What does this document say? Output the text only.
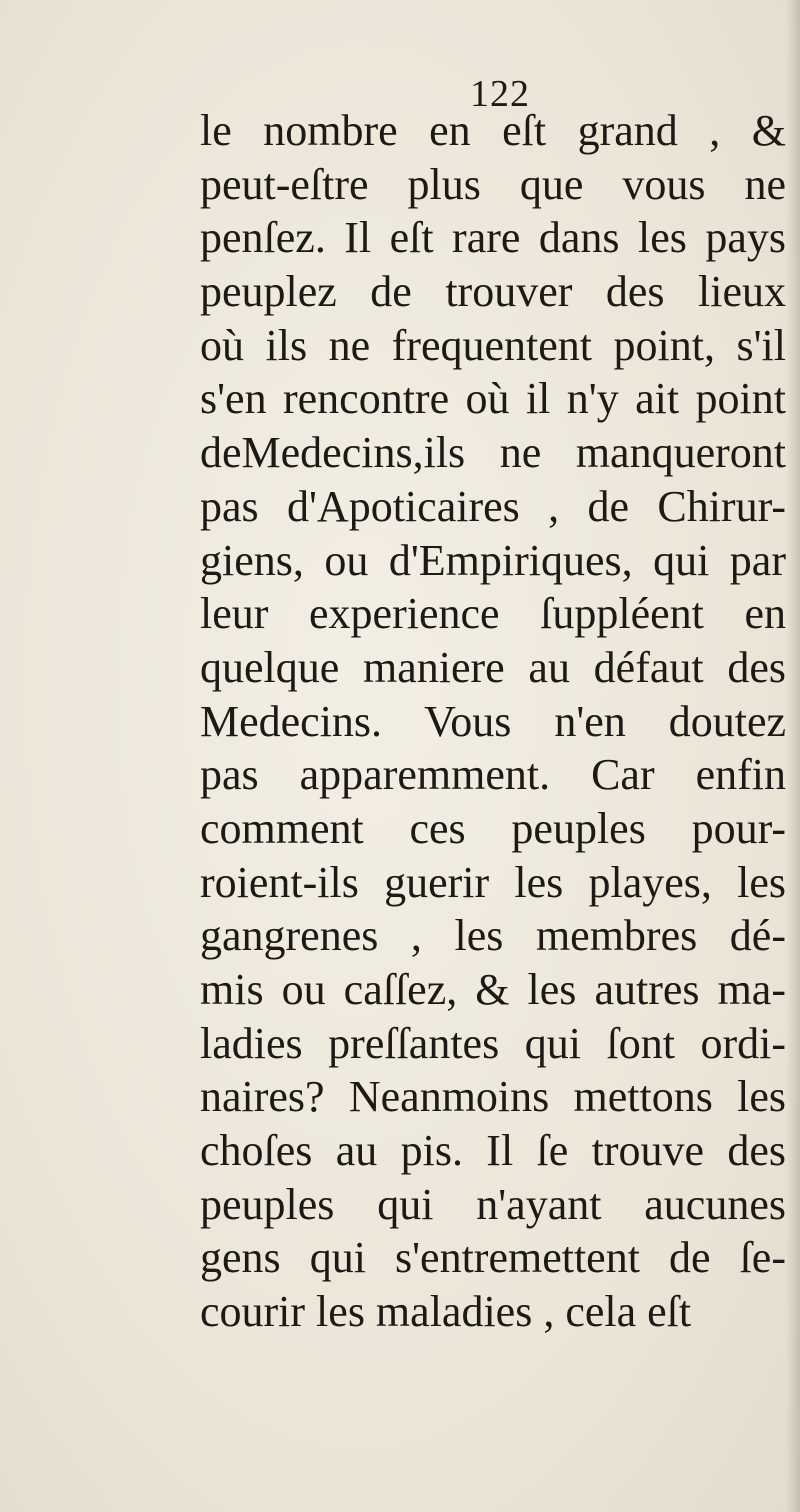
122
le nombre en eſt grand , &
peut-eſtre plus que vous ne
penſez. Il eſt rare dans les pays
peuplez de trouver des lieux
où ils ne frequentent point, s'il
s'en rencontre où il n'y ait point
deMedecins,ils ne manqueront
pas d'Apoticaires , de Chirur-
giens, ou d'Empiriques, qui par
leur experience ſuppléent en
quelque maniere au défaut des
Medecins. Vous n'en doutez
pas apparemment. Car enfin
comment ces peuples pour-
roient-ils guerir les playes, les
gangrenes , les membres dé-
mis ou caſſez, & les autres ma-
ladies preſſantes qui ſont ordi-
naires? Neanmoins mettons les
choſes au pis. Il ſe trouve des
peuples qui n'ayant aucunes
gens qui s'entremettent de ſe-
courir les maladies , cela eſt
